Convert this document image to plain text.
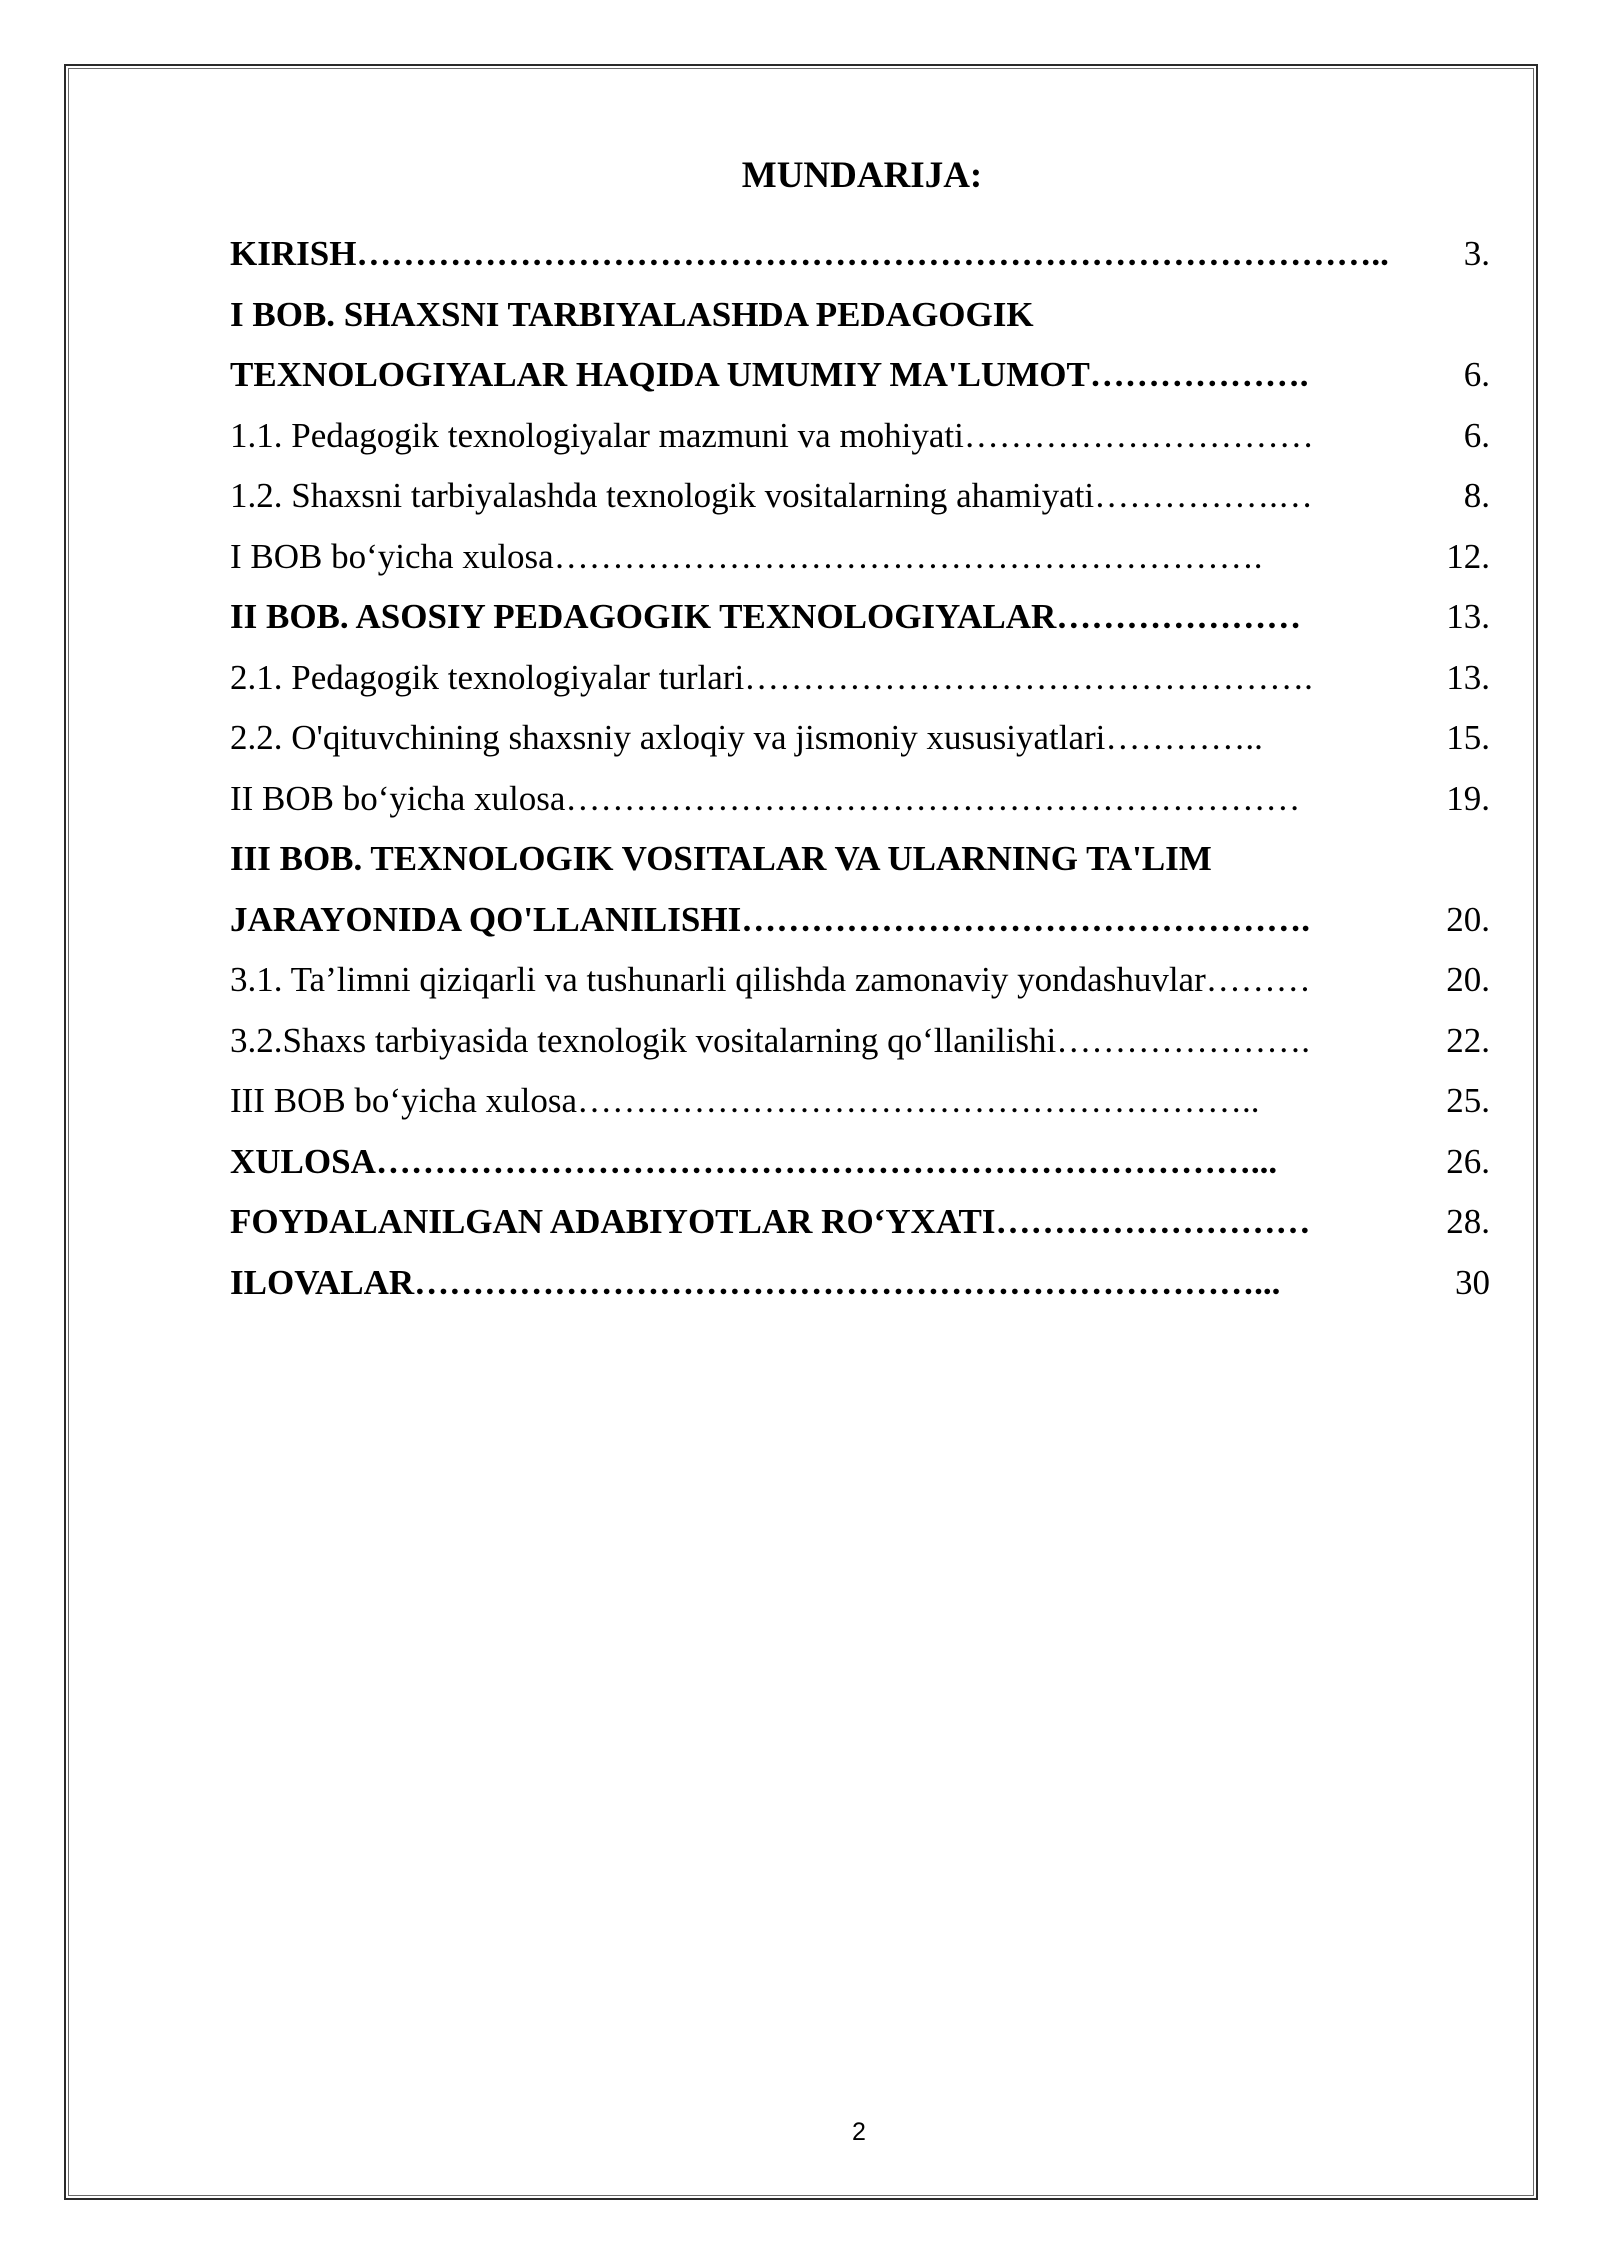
MUNDARIJA:
KIRISH……………………………………………………………………………..	3.
I BOB. SHAXSNI TARBIYALASHDA PEDAGOGIK
TEXNOLOGIYALAR HAQIDA UMUMIY MA'LUMOT……………….	6.
1.1. Pedagogik texnologiyalar mazmuni va mohiyati…………………………	6.
1.2. Shaxsni tarbiyalashda texnologik vositalarning ahamiyati…………….…	8.
I BOB bo‘yicha xulosa…………………………………………………….	12.
II BOB. ASOSIY PEDAGOGIK TEXNOLOGIYALAR…………………	13.
2.1. Pedagogik texnologiyalar turlari………………………………………….	13.
2.2. O'qituvchining shaxsniy axloqiy va jismoniy xususiyatlari…………..	15.
II BOB bo‘yicha xulosa………………………………………………………	19.
III BOB. TEXNOLOGIK VOSITALAR VA ULARNING TA'LIM
JARAYONIDA QO'LLANILISHI………………………………………….	20.
3.1. Ta’limni qiziqarli va tushunarli qilishda zamonaviy yondashuvlar………	20.
3.2.Shaxs tarbiyasida texnologik vositalarning qo‘llanilishi………………….	22.
III BOB bo‘yicha xulosa…………………………………………………..	25.
XULOSA…………………………………………………………………...	26.
FOYDALANILGAN ADABIYOTLAR RO‘YXATI………………………	28.
ILOVALAR………………………………………………………………...	30
2
